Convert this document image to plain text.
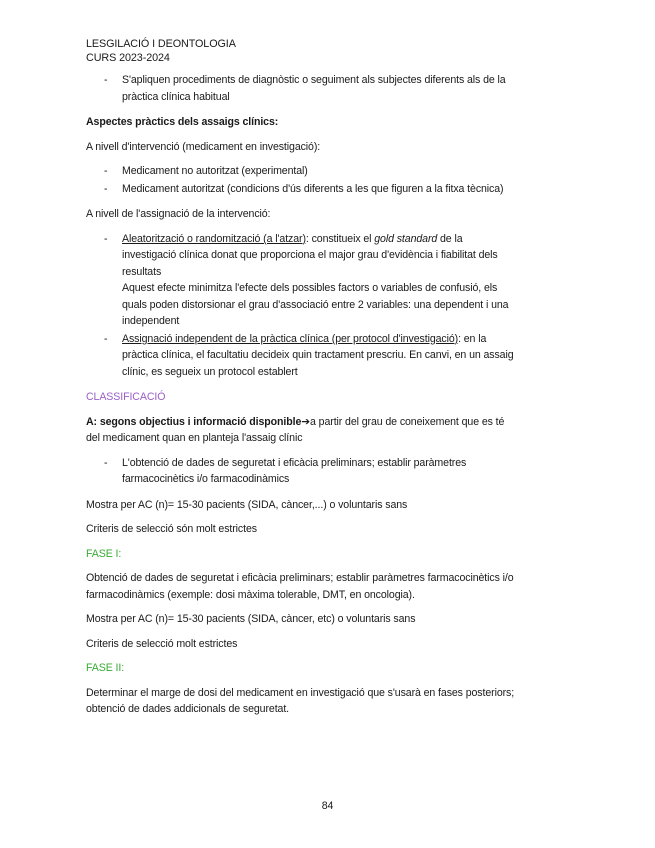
LESGILACIÓ I DEONTOLOGIA
CURS 2023-2024
- S'apliquen procediments de diagnòstic o seguiment als subjectes diferents als de la pràctica clínica habitual

Aspectes pràctics dels assaigs clínics:

A nivell d'intervenció (medicament en investigació):

- Medicament no autoritzat (experimental)
- Medicament autoritzat (condicions d'ús diferents a les que figuren a la fitxa tècnica)

A nivell de l'assignació de la intervenció:

- Aleatorització o randomització (a l'atzar): constitueix el gold standard de la investigació clínica donat que proporciona el major grau d'evidència i fiabilitat dels resultats
Aquest efecte minimitza l'efecte dels possibles factors o variables de confusió, els quals poden distorsionar el grau d'associació entre 2 variables: una dependent i una independent
- Assignació independent de la pràctica clínica (per protocol d'investigació): en la pràctica clínica, el facultatiu decideix quin tractament prescriu. En canvi, en un assaig clínic, es segueix un protocol establert

CLASSIFICACIÓ

A: segons objectius i informació disponible➔a partir del grau de coneixement que es té del medicament quan en planteja l'assaig clínic

- L'obtenció de dades de seguretat i eficàcia preliminars; establir paràmetres farmacocinètics i/o farmacodinàmics

Mostra per AC (n)= 15-30 pacients (SIDA, càncer,...) o voluntaris sans

Criteris de selecció són molt estrictes

FASE I:

Obtenció de dades de seguretat i eficàcia preliminars; establir paràmetres farmacocinètics i/o farmacodinàmics (exemple: dosi màxima tolerable, DMT, en oncologia).

Mostra per AC (n)= 15-30 pacients (SIDA, càncer, etc) o voluntaris sans

Criteris de selecció molt estrictes

FASE II:

Determinar el marge de dosi del medicament en investigació que s'usarà en fases posteriors; obtenció de dades addicionals de seguretat.

84
